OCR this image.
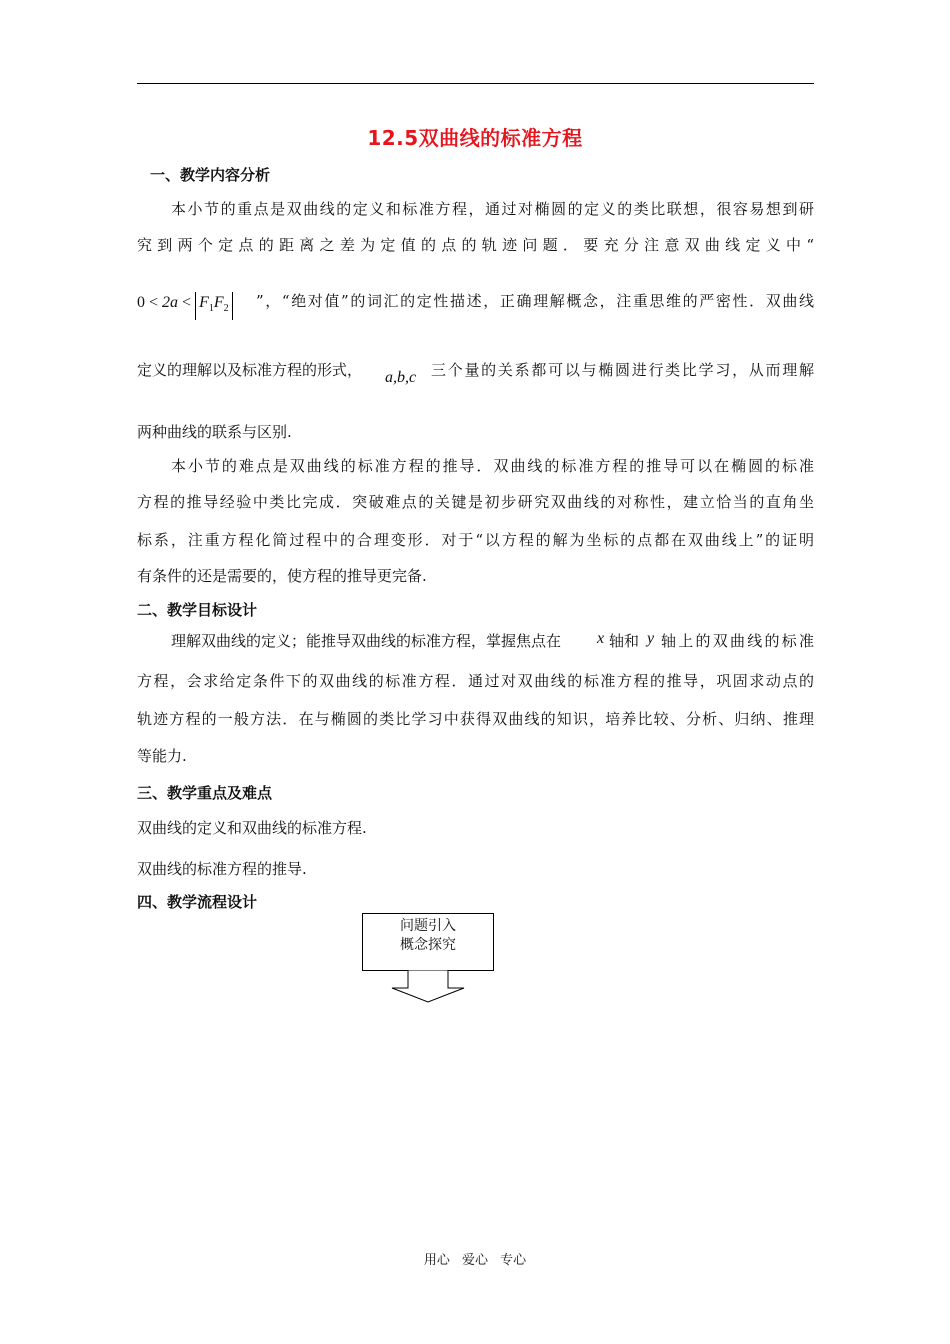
12.5双曲线的标准方程
一、教学内容分析
本小节的重点是双曲线的定义和标准方程，通过对椭圆的定义的类比联想，很容易想到研
究到两个定点的距离之差为定值的点的轨迹问题．要充分注意双曲线定义中“
$0 < 2a < F_1F_2$ ”，“绝对值”的词汇的定性描述，正确理解概念，注重思维的严密性．双曲线
定义的理解以及标准方程的形式， a,b,c 三个量的关系都可以与椭圆进行类比学习，从而理解
两种曲线的联系与区别.
本小节的难点是双曲线的标准方程的推导．双曲线的标准方程的推导可以在椭圆的标准
方程的推导经验中类比完成．突破难点的关键是初步研究双曲线的对称性，建立恰当的直角坐
标系，注重方程化简过程中的合理变形．对于“以方程的解为坐标的点都在双曲线上”的证明
有条件的还是需要的，使方程的推导更完备.
二、教学目标设计
理解双曲线的定义；能推导双曲线的标准方程，掌握焦点在 x 轴和 y 轴上的双曲线的标准
方程，会求给定条件下的双曲线的标准方程．通过对双曲线的标准方程的推导，巩固求动点的
轨迹方程的一般方法．在与椭圆的类比学习中获得双曲线的知识，培养比较、分析、归纳、推理
等能力.
三、教学重点及难点
双曲线的定义和双曲线的标准方程.
双曲线的标准方程的推导.
四、教学流程设计
问题引入
概念探究
用心 爱心 专心
